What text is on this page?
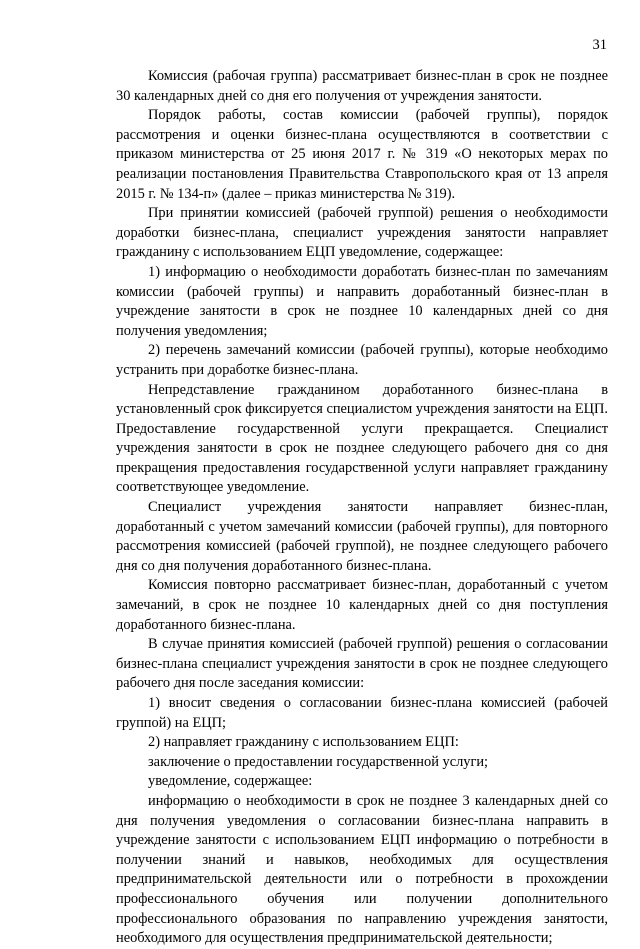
31

Комиссия (рабочая группа) рассматривает бизнес-план в срок не позднее 30 календарных дней со дня его получения от учреждения занятости.

Порядок работы, состав комиссии (рабочей группы), порядок рассмотрения и оценки бизнес-плана осуществляются в соответствии с приказом министерства от 25 июня 2017 г. № 319 «О некоторых мерах по реализации постановления Правительства Ставропольского края от 13 апреля 2015 г. № 134-п» (далее – приказ министерства № 319).

При принятии комиссией (рабочей группой) решения о необходимости доработки бизнес-плана, специалист учреждения занятости направляет гражданину с использованием ЕЦП уведомление, содержащее:

1) информацию о необходимости доработать бизнес-план по замечаниям комиссии (рабочей группы) и направить доработанный бизнес-план в учреждение занятости в срок не позднее 10 календарных дней со дня получения уведомления;

2) перечень замечаний комиссии (рабочей группы), которые необходимо устранить при доработке бизнес-плана.

Непредставление гражданином доработанного бизнес-плана в установленный срок фиксируется специалистом учреждения занятости на ЕЦП. Предоставление государственной услуги прекращается. Специалист учреждения занятости в срок не позднее следующего рабочего дня со дня прекращения предоставления государственной услуги направляет гражданину соответствующее уведомление.

Специалист учреждения занятости направляет бизнес-план, доработанный с учетом замечаний комиссии (рабочей группы), для повторного рассмотрения комиссией (рабочей группой), не позднее следующего рабочего дня со дня получения доработанного бизнес-плана.

Комиссия повторно рассматривает бизнес-план, доработанный с учетом замечаний, в срок не позднее 10 календарных дней со дня поступления доработанного бизнес-плана.

В случае принятия комиссией (рабочей группой) решения о согласовании бизнес-плана специалист учреждения занятости в срок не позднее следующего рабочего дня после заседания комиссии:

1) вносит сведения о согласовании бизнес-плана комиссией (рабочей группой) на ЕЦП;

2) направляет гражданину с использованием ЕЦП:

заключение о предоставлении государственной услуги;

уведомление, содержащее:

информацию о необходимости в срок не позднее 3 календарных дней со дня получения уведомления о согласовании бизнес-плана направить в учреждение занятости с использованием ЕЦП информацию о потребности в получении знаний и навыков, необходимых для осуществления предпринимательской деятельности или о потребности в прохождении профессионального обучения или получении дополнительного профессионального образования по направлению учреждения занятости, необходимого для осуществления предпринимательской деятельности;
